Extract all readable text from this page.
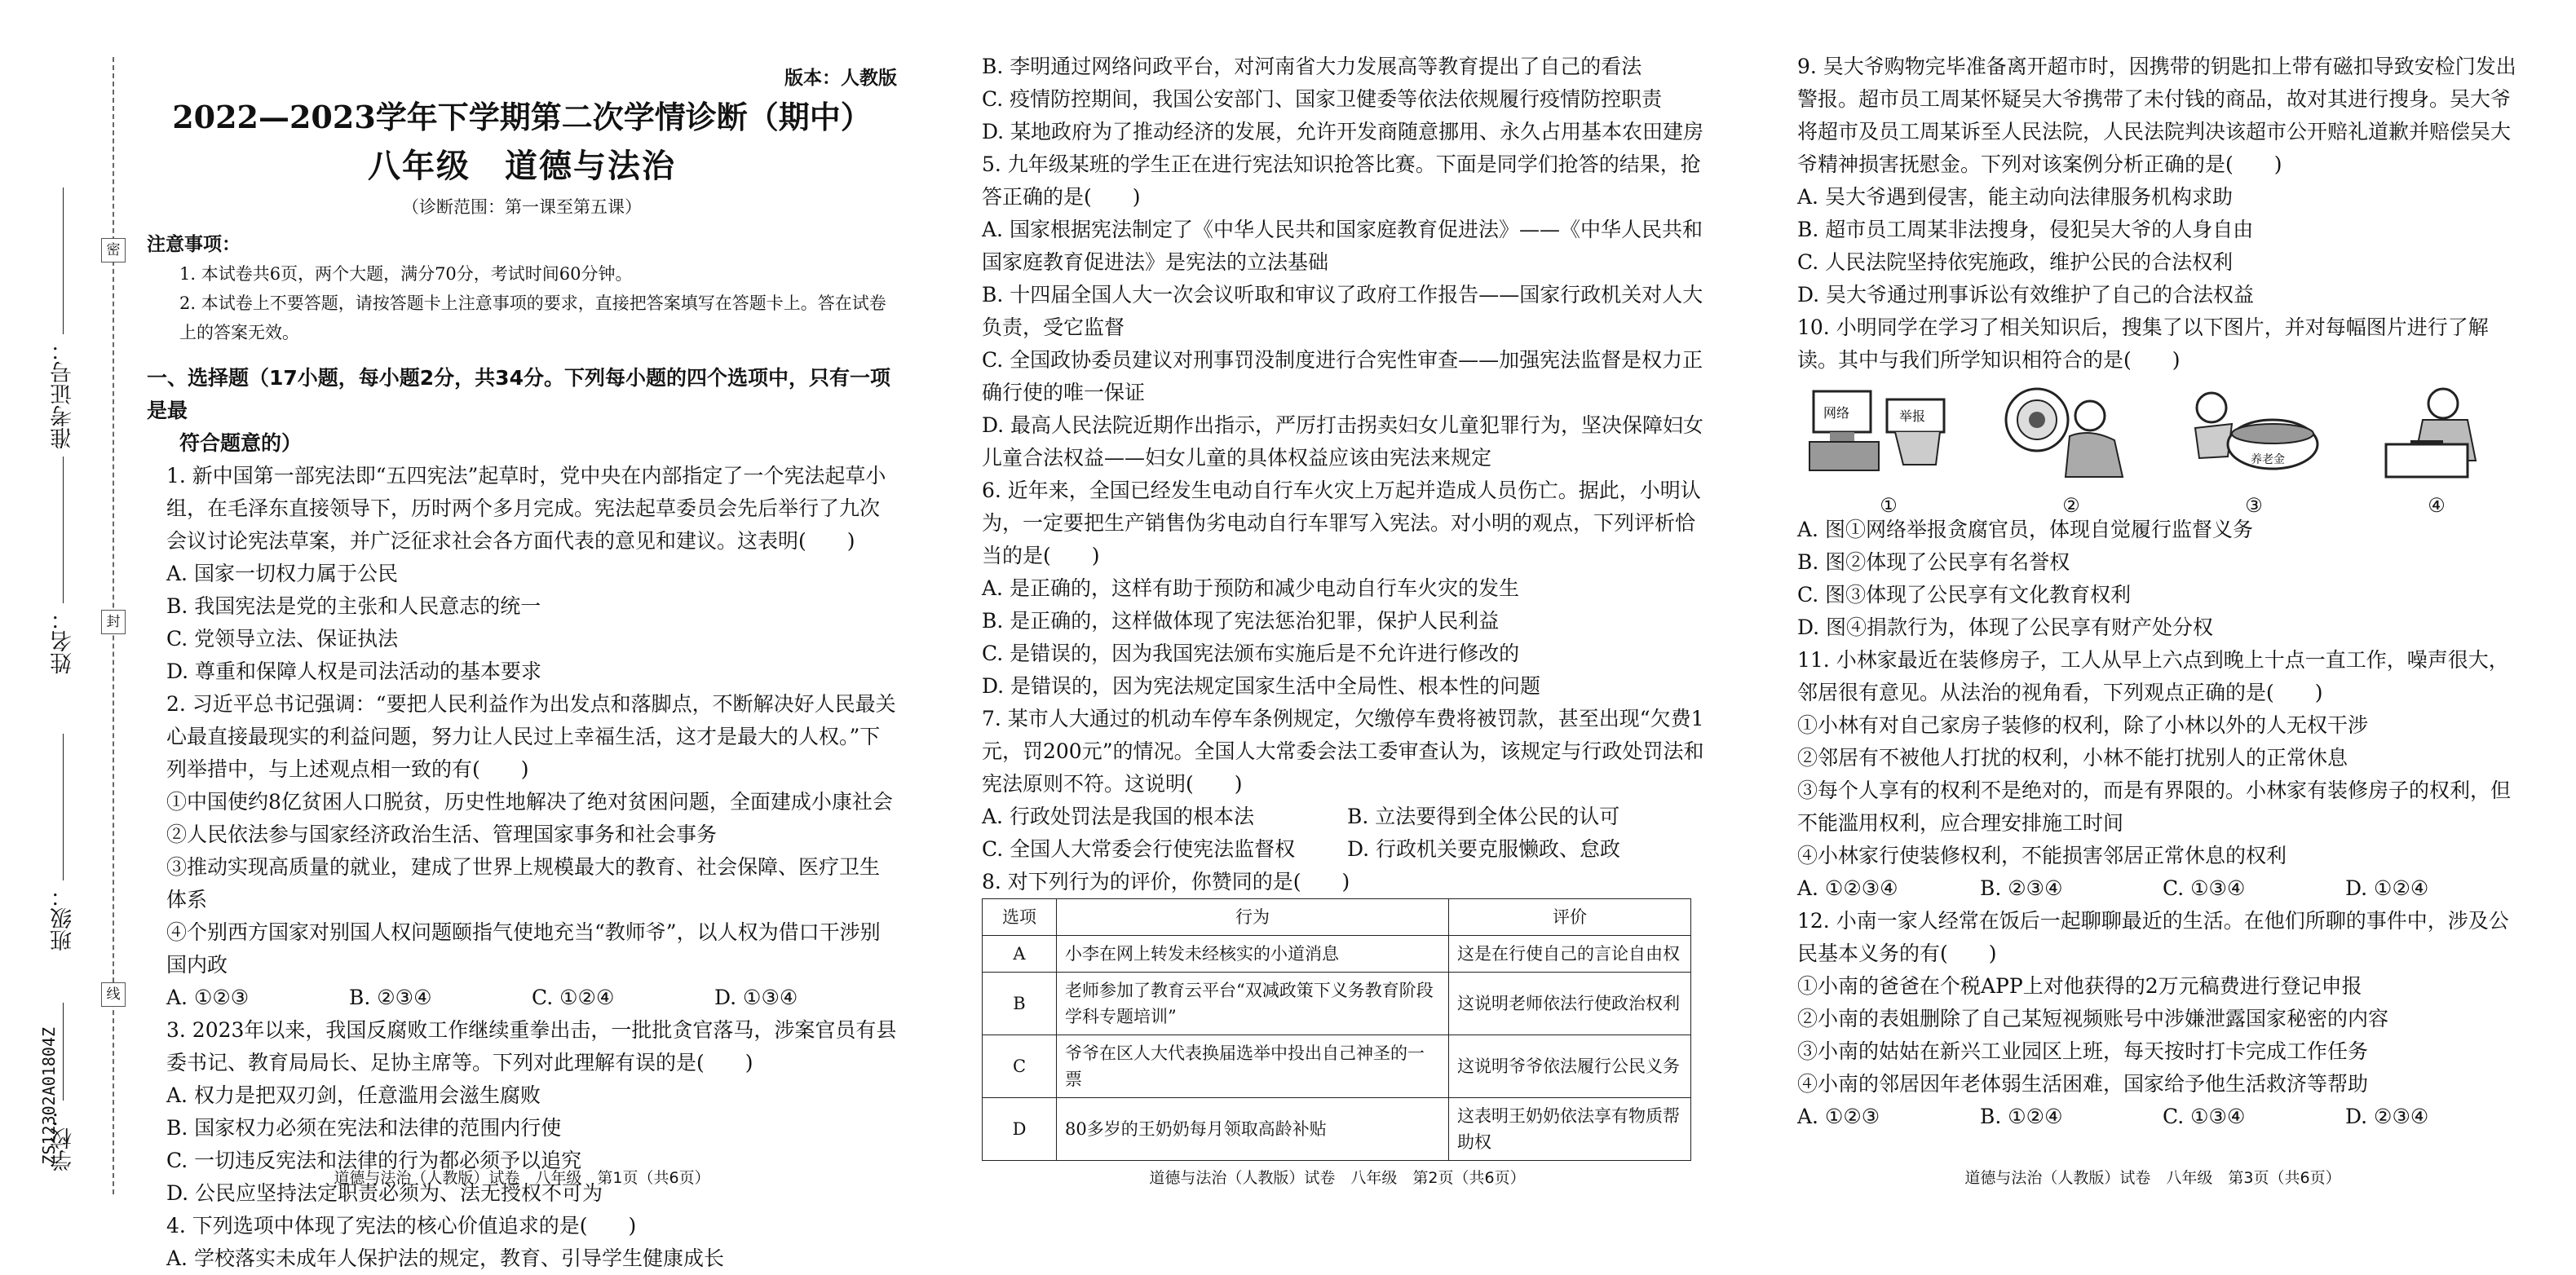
密
封
线
准考证号：
姓名：
班级：
学校：
ZS12302A01804Z
版本：人教版
2022—2023学年下学期第二次学情诊断（期中）
八年级　道德与法治
（诊断范围：第一课至第五课）
注意事项：
1. 本试卷共6页，两个大题，满分70分，考试时间60分钟。
2. 本试卷上不要答题，请按答题卡上注意事项的要求，直接把答案填写在答题卡上。答在试卷上的答案无效。
一、选择题（17小题，每小题2分，共34分。下列每小题的四个选项中，只有一项是最
符合题意的）
1. 新中国第一部宪法即“五四宪法”起草时，党中央在内部指定了一个宪法起草小组，在毛泽东直接领导下，历时两个多月完成。宪法起草委员会先后举行了九次会议讨论宪法草案，并广泛征求社会各方面代表的意见和建议。这表明(　　)
A. 国家一切权力属于公民
B. 我国宪法是党的主张和人民意志的统一
C. 党领导立法、保证执法
D. 尊重和保障人权是司法活动的基本要求
2. 习近平总书记强调：“要把人民利益作为出发点和落脚点，不断解决好人民最关心最直接最现实的利益问题，努力让人民过上幸福生活，这才是最大的人权。”下列举措中，与上述观点相一致的有(　　)
①中国使约8亿贫困人口脱贫，历史性地解决了绝对贫困问题，全面建成小康社会
②人民依法参与国家经济政治生活、管理国家事务和社会事务
③推动实现高质量的就业，建成了世界上规模最大的教育、社会保障、医疗卫生体系
④个别西方国家对别国人权问题颐指气使地充当“教师爷”，以人权为借口干涉别国内政
A. ①②③	B. ②③④	C. ①②④	D. ①③④
3. 2023年以来，我国反腐败工作继续重拳出击，一批批贪官落马，涉案官员有县委书记、教育局局长、足协主席等。下列对此理解有误的是(　　)
A. 权力是把双刃剑，任意滥用会滋生腐败
B. 国家权力必须在宪法和法律的范围内行使
C. 一切违反宪法和法律的行为都必须予以追究
D. 公民应坚持法定职责必须为、法无授权不可为
4. 下列选项中体现了宪法的核心价值追求的是(　　)
A. 学校落实未成年人保护法的规定，教育、引导学生健康成长
道德与法治（人教版）试卷　八年级　第1页（共6页）
B. 李明通过网络问政平台，对河南省大力发展高等教育提出了自己的看法
C. 疫情防控期间，我国公安部门、国家卫健委等依法依规履行疫情防控职责
D. 某地政府为了推动经济的发展，允许开发商随意挪用、永久占用基本农田建房
5. 九年级某班的学生正在进行宪法知识抢答比赛。下面是同学们抢答的结果，抢答正确的是(　　)
A. 国家根据宪法制定了《中华人民共和国家庭教育促进法》——《中华人民共和国家庭教育促进法》是宪法的立法基础
B. 十四届全国人大一次会议听取和审议了政府工作报告——国家行政机关对人大负责，受它监督
C. 全国政协委员建议对刑事罚没制度进行合宪性审查——加强宪法监督是权力正确行使的唯一保证
D. 最高人民法院近期作出指示，严厉打击拐卖妇女儿童犯罪行为，坚决保障妇女儿童合法权益——妇女儿童的具体权益应该由宪法来规定
6. 近年来，全国已经发生电动自行车火灾上万起并造成人员伤亡。据此，小明认为，一定要把生产销售伪劣电动自行车罪写入宪法。对小明的观点，下列评析恰当的是(　　)
A. 是正确的，这样有助于预防和减少电动自行车火灾的发生
B. 是正确的，这样做体现了宪法惩治犯罪，保护人民利益
C. 是错误的，因为我国宪法颁布实施后是不允许进行修改的
D. 是错误的，因为宪法规定国家生活中全局性、根本性的问题
7. 某市人大通过的机动车停车条例规定，欠缴停车费将被罚款，甚至出现“欠费1元，罚200元”的情况。全国人大常委会法工委审查认为，该规定与行政处罚法和宪法原则不符。这说明(　　)
A. 行政处罚法是我国的根本法	B. 立法要得到全体公民的认可
C. 全国人大常委会行使宪法监督权	D. 行政机关要克服懒政、怠政
8. 对下列行为的评价，你赞同的是(　　)
选项	行为	评价
A	小李在网上转发未经核实的小道消息	这是在行使自己的言论自由权
B	老师参加了教育云平台“双减政策下义务教育阶段学科专题培训”	这说明老师依法行使政治权利
C	爷爷在区人大代表换届选举中投出自己神圣的一票	这说明爷爷依法履行公民义务
D	80多岁的王奶奶每月领取高龄补贴	这表明王奶奶依法享有物质帮助权
道德与法治（人教版）试卷　八年级　第2页（共6页）
9. 吴大爷购物完毕准备离开超市时，因携带的钥匙扣上带有磁扣导致安检门发出警报。超市员工周某怀疑吴大爷携带了未付钱的商品，故对其进行搜身。吴大爷将超市及员工周某诉至人民法院，人民法院判决该超市公开赔礼道歉并赔偿吴大爷精神损害抚慰金。下列对该案例分析正确的是(　　)
A. 吴大爷遇到侵害，能主动向法律服务机构求助
B. 超市员工周某非法搜身，侵犯吴大爷的人身自由
C. 人民法院坚持依宪施政，维护公民的合法权利
D. 吴大爷通过刑事诉讼有效维护了自己的合法权益
10. 小明同学在学习了相关知识后，搜集了以下图片，并对每幅图片进行了解读。其中与我们所学知识相符合的是(　　)
网络	举报
①	②
养老金
③	④
A. 图①网络举报贪腐官员，体现自觉履行监督义务
B. 图②体现了公民享有名誉权
C. 图③体现了公民享有文化教育权利
D. 图④捐款行为，体现了公民享有财产处分权
11. 小林家最近在装修房子，工人从早上六点到晚上十点一直工作，噪声很大，邻居很有意见。从法治的视角看，下列观点正确的是(　　)
①小林有对自己家房子装修的权利，除了小林以外的人无权干涉
②邻居有不被他人打扰的权利，小林不能打扰别人的正常休息
③每个人享有的权利不是绝对的，而是有界限的。小林家有装修房子的权利，但不能滥用权利，应合理安排施工时间
④小林家行使装修权利，不能损害邻居正常休息的权利
A. ①②③④	B. ②③④	C. ①③④	D. ①②④
12. 小南一家人经常在饭后一起聊聊最近的生活。在他们所聊的事件中，涉及公民基本义务的有(　　)
①小南的爸爸在个税APP上对他获得的2万元稿费进行登记申报
②小南的表姐删除了自己某短视频账号中涉嫌泄露国家秘密的内容
③小南的姑姑在新兴工业园区上班，每天按时打卡完成工作任务
④小南的邻居因年老体弱生活困难，国家给予他生活救济等帮助
A. ①②③	B. ①②④	C. ①③④	D. ②③④
道德与法治（人教版）试卷　八年级　第3页（共6页）
